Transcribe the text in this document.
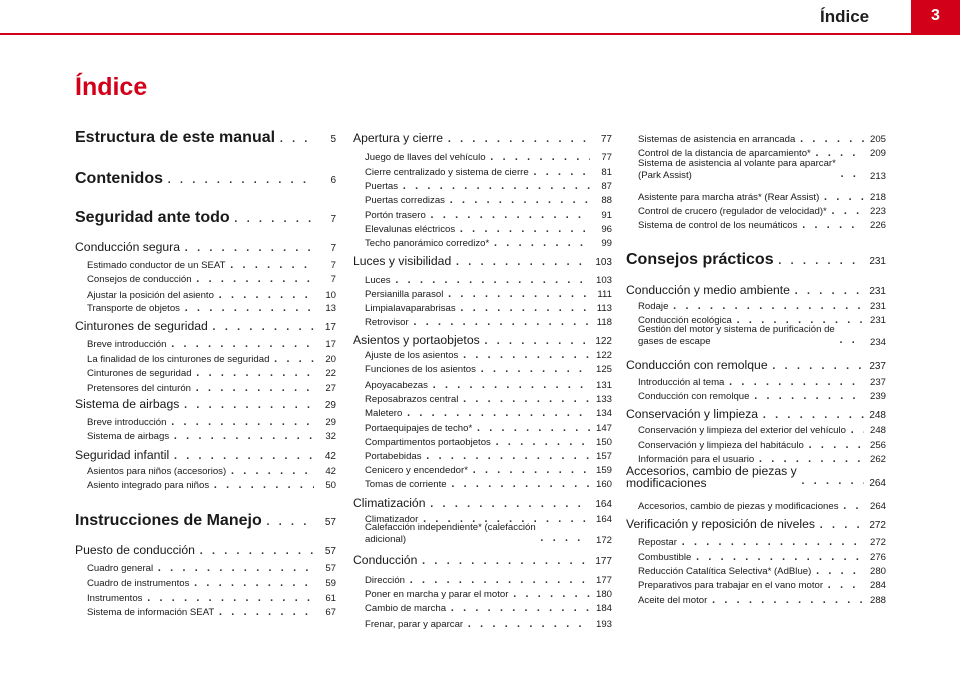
Índice	3
Índice
Estructura de este manual . . .	5
Contenidos . . .	6
Seguridad ante todo . . .	7
Conducción segura . . .	7
Estimado conductor de un SEAT . . .	7
Consejos de conducción . . .	7
Ajustar la posición del asiento . . .	10
Transporte de objetos . . .	13
Cinturones de seguridad . . .	17
Breve introducción . . .	17
La finalidad de los cinturones de seguridad . . .	20
Cinturones de seguridad . . .	22
Pretensores del cinturón . . .	27
Sistema de airbags . . .	29
Breve introducción . . .	29
Sistema de airbags . . .	32
Seguridad infantil . . .	42
Asientos para niños (accesorios) . . .	42
Asiento integrado para niños . . .	50
Instrucciones de Manejo . . .	57
Puesto de conducción . . .	57
Cuadro general . . .	57
Cuadro de instrumentos . . .	59
Instrumentos . . .	61
Sistema de información SEAT . . .	67
Apertura y cierre . . .	77
Juego de llaves del vehículo . . .	77
Cierre centralizado y sistema de cierre . . .	81
Puertas . . .	87
Puertas corredizas . . .	88
Portón trasero . . .	91
Elevalunas eléctricos . . .	96
Techo panorámico corredizo* . . .	99
Luces y visibilidad . . .	103
Luces . . .	103
Persianilla parasol . . .	111
Limpialavaparabrisas . . .	113
Retrovisor . . .	118
Asientos y portaobjetos . . .	122
Ajuste de los asientos . . .	122
Funciones de los asientos . . .	125
Apoyacabezas . . .	131
Reposabrazos central . . .	133
Maletero . . .	134
Portaequipajes de techo* . . .	147
Compartimentos portaobjetos . . .	150
Portabebidas . . .	157
Cenicero y encendedor* . . .	159
Tomas de corriente . . .	160
Climatización . . .	164
Climatizador . . .	164
Calefacción independiente* (calefacción
adicional) . . .	172
Conducción . . .	177
Dirección . . .	177
Poner en marcha y parar el motor . . .	180
Cambio de marcha . . .	184
Frenar, parar y aparcar . . .	193
Sistemas de asistencia en arrancada . . .	205
Control de la distancia de aparcamiento* . . .	209
Sistema de asistencia al volante para aparcar*
(Park Assist) . . .	213
Asistente para marcha atrás* (Rear Assist) . . .	218
Control de crucero (regulador de velocidad)* . . .	223
Sistema de control de los neumáticos . . .	226
Consejos prácticos . . .	231
Conducción y medio ambiente . . .	231
Rodaje . . .	231
Conducción ecológica . . .	231
Gestión del motor y sistema de purificación de
gases de escape . . .	234
Conducción con remolque . . .	237
Introducción al tema . . .	237
Conducción con remolque . . .	239
Conservación y limpieza . . .	248
Conservación y limpieza del exterior del vehículo . . .	248
Conservación y limpieza del habitáculo . . .	256
Información para el usuario . . .	262
Accesorios, cambio de piezas y
modificaciones . . .	264
Accesorios, cambio de piezas y modificaciones . . .	264
Verificación y reposición de niveles . . .	272
Repostar . . .	272
Combustible . . .	276
Reducción Catalítica Selectiva* (AdBlue) . . .	280
Preparativos para trabajar en el vano motor . . .	284
Aceite del motor . . .	288
